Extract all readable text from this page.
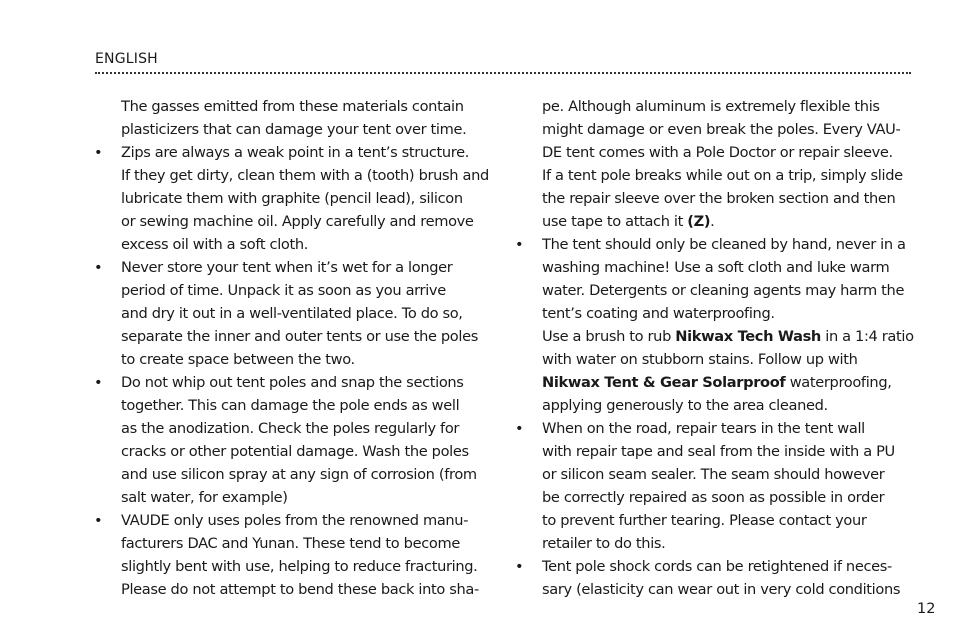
ENGLISH

The gasses emitted from these materials contain
plasticizers that can damage your tent over time.

• Zips are always a weak point in a tent’s structure.
If they get dirty, clean them with a (tooth) brush and
lubricate them with graphite (pencil lead), silicon
or sewing machine oil. Apply carefully and remove
excess oil with a soft cloth.
• Never store your tent when it’s wet for a longer
period of time. Unpack it as soon as you arrive
and dry it out in a well-ventilated place. To do so,
separate the inner and outer tents or use the poles
to create space between the two.
• Do not whip out tent poles and snap the sections
together. This can damage the pole ends as well
as the anodization. Check the poles regularly for
cracks or other potential damage. Wash the poles
and use silicon spray at any sign of corrosion (from
salt water, for example)
• VAUDE only uses poles from the renowned manu-
facturers DAC and Yunan. These tend to become
slightly bent with use, helping to reduce fracturing.
Please do not attempt to bend these back into sha-

pe. Although aluminum is extremely flexible this
might damage or even break the poles. Every VAU-
DE tent comes with a Pole Doctor or repair sleeve.
If a tent pole breaks while out on a trip, simply slide
the repair sleeve over the broken section and then
use tape to attach it (Z).

• The tent should only be cleaned by hand, never in a
washing machine! Use a soft cloth and luke warm
water. Detergents or cleaning agents may harm the
tent’s coating and waterproofing.
Use a brush to rub Nikwax Tech Wash in a 1:4 ratio
with water on stubborn stains. Follow up with
Nikwax Tent & Gear Solarproof waterproofing,
applying generously to the area cleaned.
• When on the road, repair tears in the tent wall
with repair tape and seal from the inside with a PU
or silicon seam sealer. The seam should however
be correctly repaired as soon as possible in order
to prevent further tearing. Please contact your
retailer to do this.
• Tent pole shock cords can be retightened if neces-
sary (elasticity can wear out in very cold conditions
12
